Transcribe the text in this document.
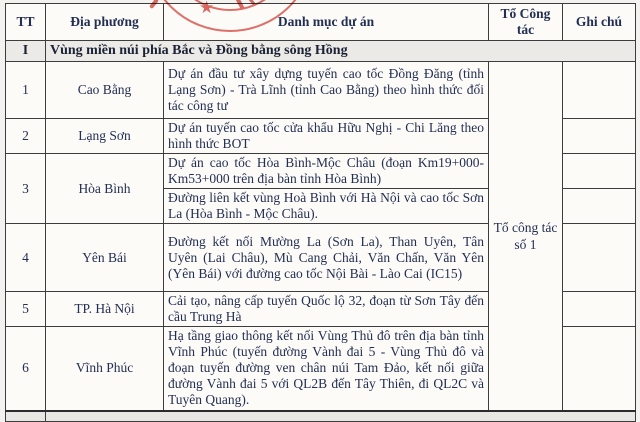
TT	Địa phương	Danh mục dự án	Tổ Công tác	Ghi chú
I	Vùng miền núi phía Bắc và Đồng bằng sông Hồng			
1	Cao Bằng	Dự án đầu tư xây dựng tuyến cao tốc Đồng Đăng (tỉnh Lạng Sơn) - Trà Lĩnh (tỉnh Cao Bằng) theo hình thức đối tác công tư	Tổ công tác số 1	
2	Lạng Sơn	Dự án tuyến cao tốc cửa khẩu Hữu Nghị - Chi Lăng theo hình thức BOT		
3	Hòa Bình	Dự án cao tốc Hòa Bình-Mộc Châu (đoạn Km19+000-Km53+000 trên địa bàn tỉnh Hòa Bình)		
		Đường liên kết vùng Hoà Bình với Hà Nội và cao tốc Sơn La (Hòa Bình - Mộc Châu).		
4	Yên Bái	Đường kết nối Mường La (Sơn La), Than Uyên, Tân Uyên (Lai Châu), Mù Cang Chải, Văn Chấn, Văn Yên (Yên Bái) với đường cao tốc Nội Bài - Lào Cai (IC15)		
5	TP. Hà Nội	Cải tạo, nâng cấp tuyến Quốc lộ 32, đoạn từ Sơn Tây đến cầu Trung Hà		
6	Vĩnh Phúc	Hạ tầng giao thông kết nối Vùng Thủ đô trên địa bàn tỉnh Vĩnh Phúc (tuyến đường Vành đai 5 - Vùng Thủ đô và đoạn tuyến đường ven chân núi Tam Đảo, kết nối giữa đường Vành đai 5 với QL2B đến Tây Thiên, đi QL2C và Tuyên Quang).		

★
